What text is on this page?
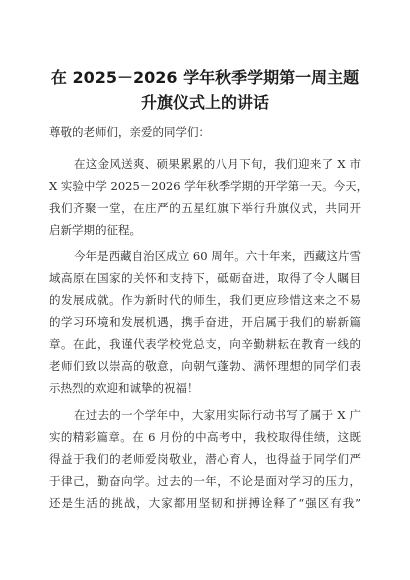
在 2025－2026 学年秋季学期第一周主题
升旗仪式上的讲话
尊敬的老师们，亲爱的同学们：
在这金风送爽、硕果累累的八月下旬，我们迎来了 X 市
X 实验中学 2025－2026 学年秋季学期的开学第一天。今天，
我们齐聚一堂，在庄严的五星红旗下举行升旗仪式，共同开
启新学期的征程。
今年是西藏自治区成立 60 周年。六十年来，西藏这片雪
域高原在国家的关怀和支持下，砥砺奋进，取得了令人瞩目
的发展成就。作为新时代的师生，我们更应珍惜这来之不易
的学习环境和发展机遇，携手奋进，开启属于我们的崭新篇
章。在此，我谨代表学校党总支，向辛勤耕耘在教育一线的
老师们致以崇高的敬意，向朝气蓬勃、满怀理想的同学们表
示热烈的欢迎和诚挚的祝福！
在过去的一个学年中，大家用实际行动书写了属于 X 广
实的精彩篇章。在 6 月份的中高考中，我校取得佳绩，这既
得益于我们的老师爱岗敬业，潜心育人，也得益于同学们严
于律己，勤奋向学。过去的一年，不论是面对学习的压力，
还是生活的挑战，大家都用坚韧和拼搏诠释了“强区有我”
